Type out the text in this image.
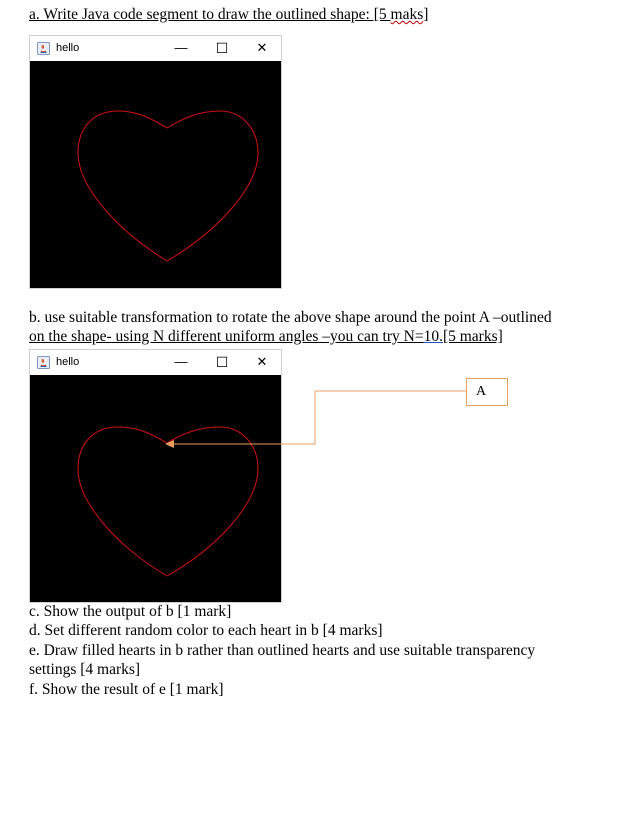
a. Write Java code segment to draw the outlined shape: [5 maks]

hello	— ☐	✕

b. use suitable transformation to rotate the above shape around the point A –outlined

on the shape- using N different uniform angles –you can try N=10.[5 marks]

hello	— ☐	✕
A

c. Show the output of b [1 mark]

d. Set different random color to each heart in b [4 marks]

e. Draw filled hearts in b rather than outlined hearts and use suitable transparency

settings [4 marks]

f. Show the result of e [1 mark]
